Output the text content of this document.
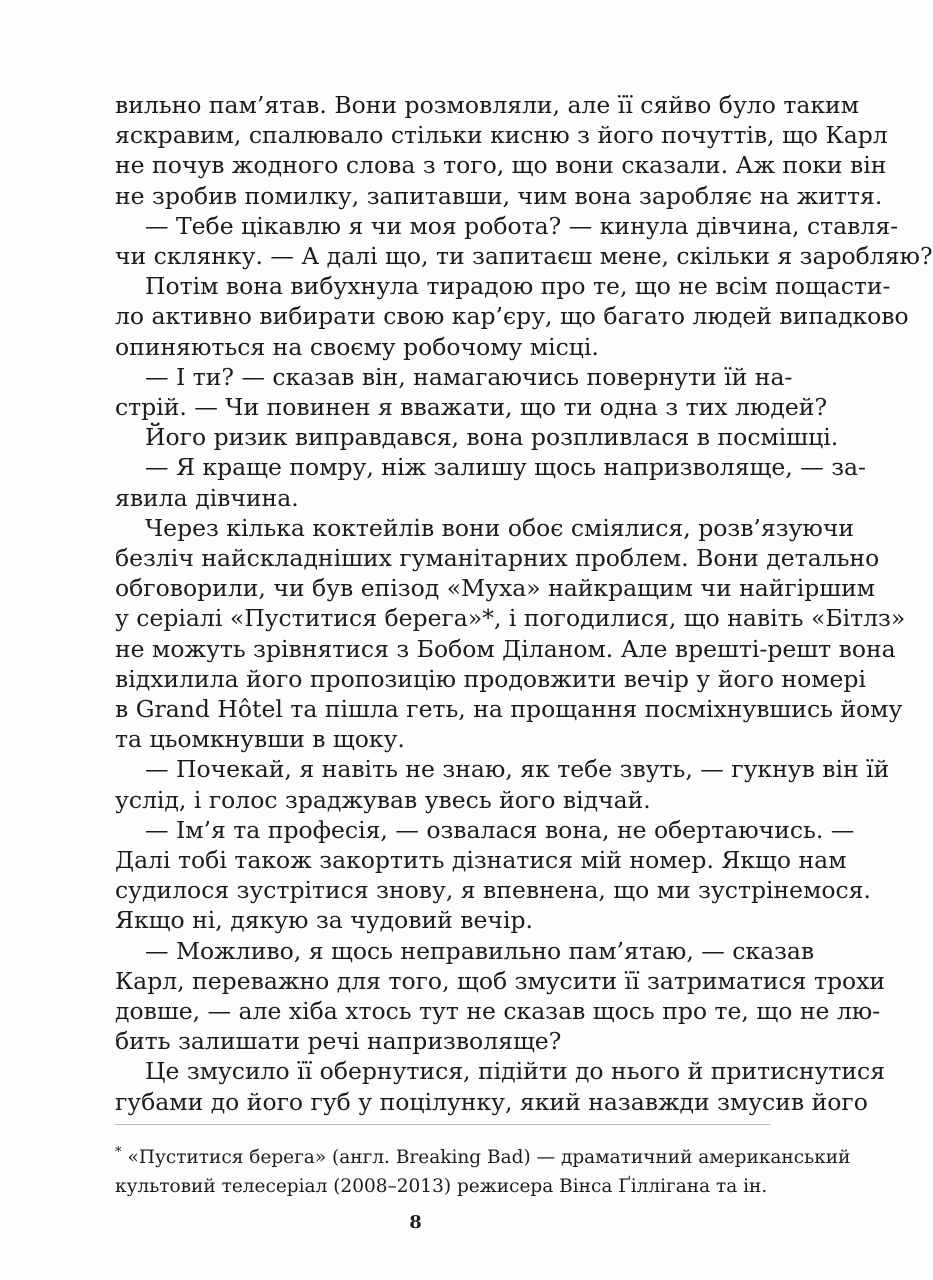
вильно пам’ятав. Вони розмовляли, але її сяйво було таким
яскравим, спалювало стільки кисню з його почуттів, що Карл
не почув жодного слова з того, що вони сказали. Аж поки він
не зробив помилку, запитавши, чим вона заробляє на життя.
— Тебе цікавлю я чи моя робота? — кинула дівчина, ставля-
чи склянку. — А далі що, ти запитаєш мене, скільки я заробляю?
Потім вона вибухнула тирадою про те, що не всім пощасти-
ло активно вибирати свою кар’єру, що багато людей випадково
опиняються на своєму робочому місці.
— І ти? — сказав він, намагаючись повернути їй на-
стрій. — Чи повинен я вважати, що ти одна з тих людей?
Його ризик виправдався, вона розпливлася в посмішці.
— Я краще помру, ніж залишу щось напризволяще, — за-
явила дівчина.
Через кілька коктейлів вони обоє сміялися, розв’язуючи
безліч найскладніших гуманітарних проблем. Вони детально
обговорили, чи був епізод «Муха» найкращим чи найгіршим
у серіалі «Пуститися берега»*, і погодилися, що навіть «Бітлз»
не можуть зрівнятися з Бобом Діланом. Але врешті-решт вона
відхилила його пропозицію продовжити вечір у його номері
в Grand Hôtel та пішла геть, на прощання посміхнувшись йому
та цьомкнувши в щоку.
— Почекай, я навіть не знаю, як тебе звуть, — гукнув він їй
услід, і голос зраджував увесь його відчай.
— Ім’я та професія, — озвалася вона, не обертаючись. —
Далі тобі також закортить дізнатися мій номер. Якщо нам
судилося зустрітися знову, я впевнена, що ми зустрінемося.
Якщо ні, дякую за чудовий вечір.
— Можливо, я щось неправильно пам’ятаю, — сказав
Карл, переважно для того, щоб змусити її затриматися трохи
довше, — але хіба хтось тут не сказав щось про те, що не лю-
бить залишати речі напризволяще?
Це змусило її обернутися, підійти до нього й притиснутися
губами до його губ у поцілунку, який назавжди змусив його
* «Пуститися берега» (англ. Breaking Bad) — драматичний американський
культовий телесеріал (2008–2013) режисера Вінса Ґіллігана та ін.
8
